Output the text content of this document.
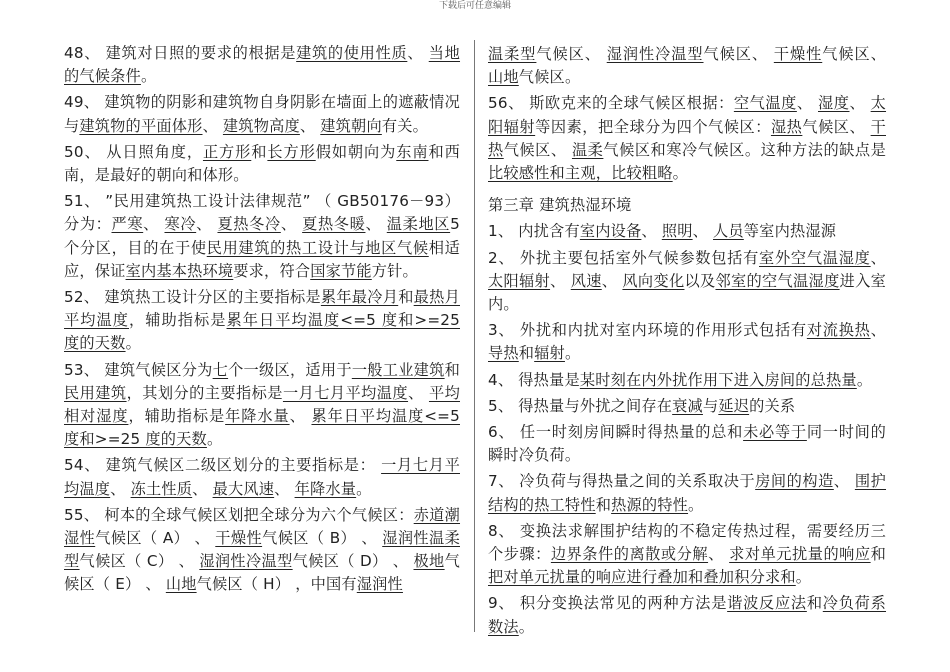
下载后可任意编辑

48、 建筑对日照的要求的根据是建筑的使用性质、 当地的气候条件。

49、 建筑物的阴影和建筑物自身阴影在墙面上的遮蔽情况与建筑物的平面体形、 建筑物高度、 建筑朝向有关。

50、 从日照角度，正方形和长方形假如朝向为东南和西南，是最好的朝向和体形。

51、 ”民用建筑热工设计法律规范” （ GB50176－93）分为：严寒、 寒冷、 夏热冬冷、 夏热冬暖、 温柔地区5 个分区，目的在于使民用建筑的热工设计与地区气候相适应，保证室内基本热环境要求，符合国家节能方针。

52、 建筑热工设计分区的主要指标是累年最冷月和最热月平均温度，辅助指标是累年日平均温度<=5 度和>=25 度的天数。

53、 建筑气候区分为七个一级区，适用于一般工业建筑和民用建筑，其划分的主要指标是一月七月平均温度、 平均相对湿度，辅助指标是年降水量、 累年日平均温度<=5 度和>=25 度的天数。

54、 建筑气候区二级区划分的主要指标是： 一月七月平均温度、 冻土性质、 最大风速、 年降水量。

55、 柯本的全球气候区划把全球分为六个气候区：赤道潮湿性气候区（ A） 、 干燥性气候区（ B） 、 湿润性温柔型气候区（ C） 、 湿润性冷温型气候区（ D） 、 极地气候区（ E） 、 山地气候区（ H） ，中国有湿润性

温柔型气候区、 湿润性冷温型气候区、 干燥性气候区、 山地气候区。

56、 斯欧克来的全球气候区根据：空气温度、 湿度、 太阳辐射等因素，把全球分为四个气候区：湿热气候区、 干热气候区、 温柔气候区和寒冷气候区。这种方法的缺点是比较感性和主观，比较粗略。

第三章 建筑热湿环境

1、 内扰含有室内设备、 照明、 人员等室内热湿源

2、 外扰主要包括室外气候参数包括有室外空气温湿度、 太阳辐射、 风速、 风向变化以及邻室的空气温湿度进入室内。

3、 外扰和内扰对室内环境的作用形式包括有对流换热、 导热和辐射。

4、 得热量是某时刻在内外扰作用下进入房间的总热量。

5、 得热量与外扰之间存在衰减与延迟的关系

6、 任一时刻房间瞬时得热量的总和未必等于同一时间的瞬时冷负荷。

7、 冷负荷与得热量之间的关系取决于房间的构造、 围护结构的热工特性和热源的特性。

8、 变换法求解围护结构的不稳定传热过程，需要经历三个步骤：边界条件的离散或分解、 求对单元扰量的响应和把对单元扰量的响应进行叠加和叠加积分求和。

9、 积分变换法常见的两种方法是谐波反应法和冷负荷系数法。
